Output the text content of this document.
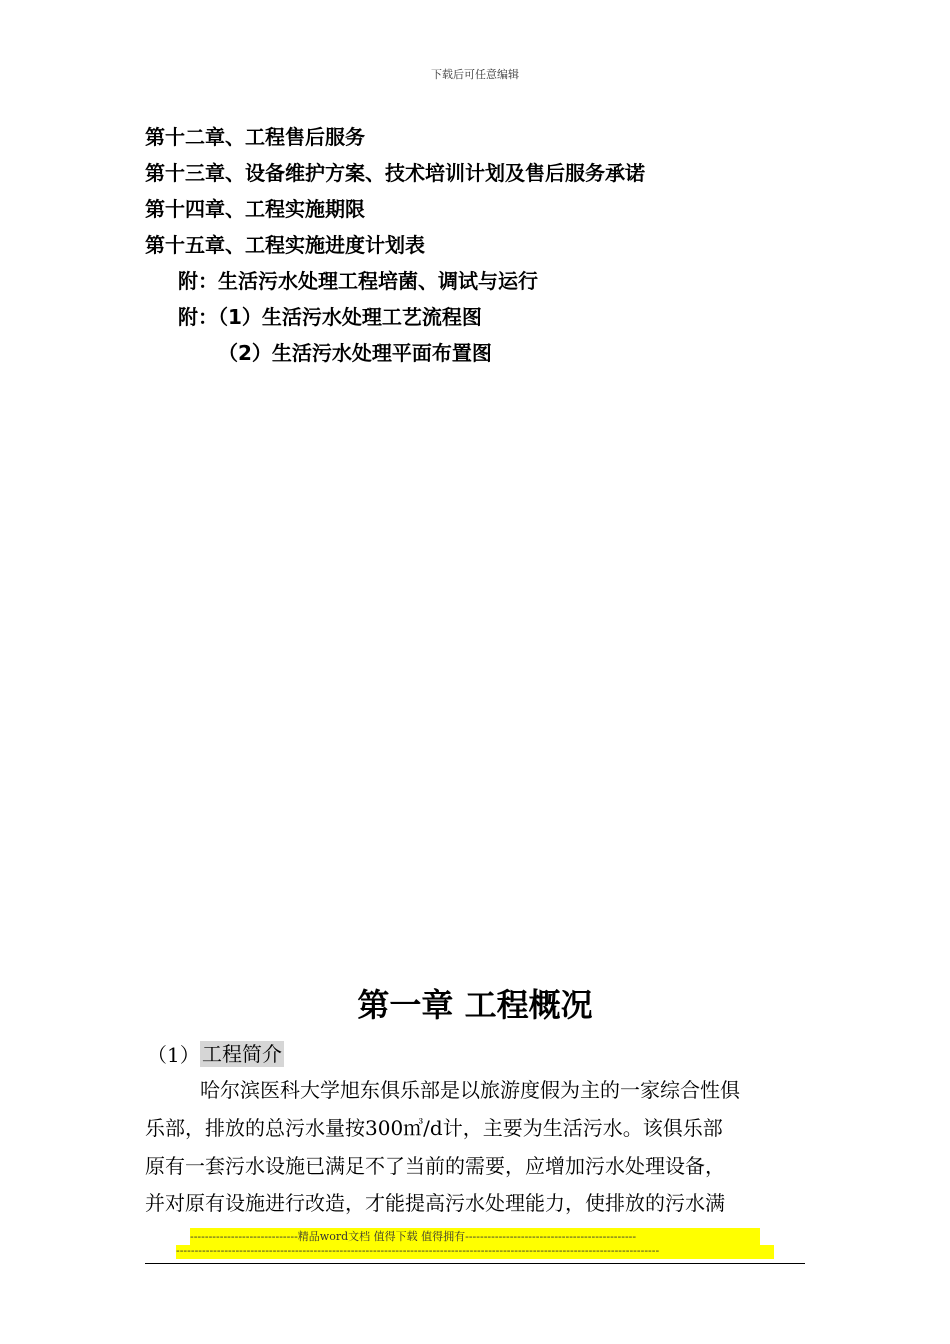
下载后可任意编辑
第十二章、工程售后服务
第十三章、设备维护方案、技术培训计划及售后服务承诺
第十四章、工程实施期限
第十五章、工程实施进度计划表
附：生活污水处理工程培菌、调试与运行
附：（1）生活污水处理工艺流程图
（2）生活污水处理平面布置图
第一章 工程概况
（1） 工程简介
哈尔滨医科大学旭东俱乐部是以旅游度假为主的一家综合性俱
乐部，排放的总污水量按300㎥/d计，主要为生活污水。该俱乐部
原有一套污水设施已满足不了当前的需要，应增加污水处理设备，
并对原有设施进行改造，才能提高污水处理能力，使排放的污水满
-----------------------------精品word文档 值得下载 值得拥有----------------------------------------------
----------------------------------------------------------------------------------------------------------------------------------
